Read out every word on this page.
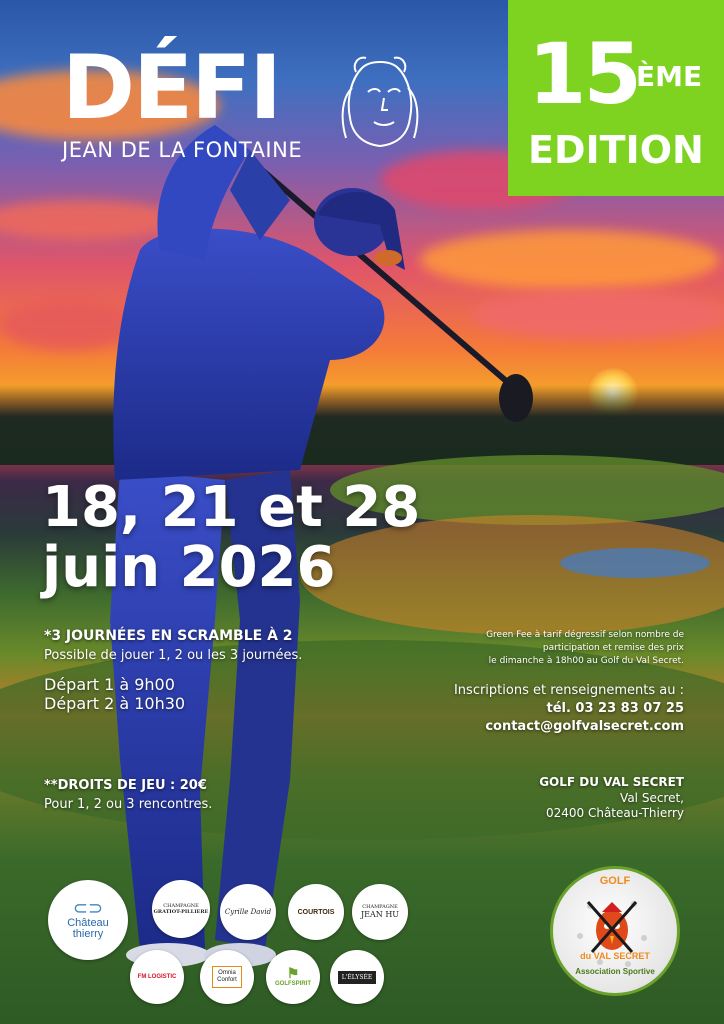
DÉFI
JEAN DE LA FONTAINE
15
ÈME
EDITION
18, 21 et 28
juin 2026
*3 JOURNÉES EN SCRAMBLE À 2
Possible de jouer 1, 2 ou les 3 journées.
Départ 1 à 9h00
Départ 2 à 10h30
**DROITS DE JEU : 20€
Pour 1, 2 ou 3 rencontres.
Green Fee à tarif dégressif selon nombre de
participation et remise des prix
le dimanche à 18h00 au Golf du Val Secret.
Inscriptions et renseignements au :
tél. 03 23 83 07 25
contact@golfvalsecret.com
GOLF DU VAL SECRET
Val Secret,
02400 Château-Thierry
⊂⊃
Château
thierry
CHAMPAGNE
GRATIOT-PILLIERE Cyrille David	COURTOIS
CHAMPAGNE
JEAN HU
FM LOGISTIC
Omnia
Confort	⚑
GOLFSPIRIT
L'ÉLYSÉE
GOLF
du VAL SECRET
Association Sportive
